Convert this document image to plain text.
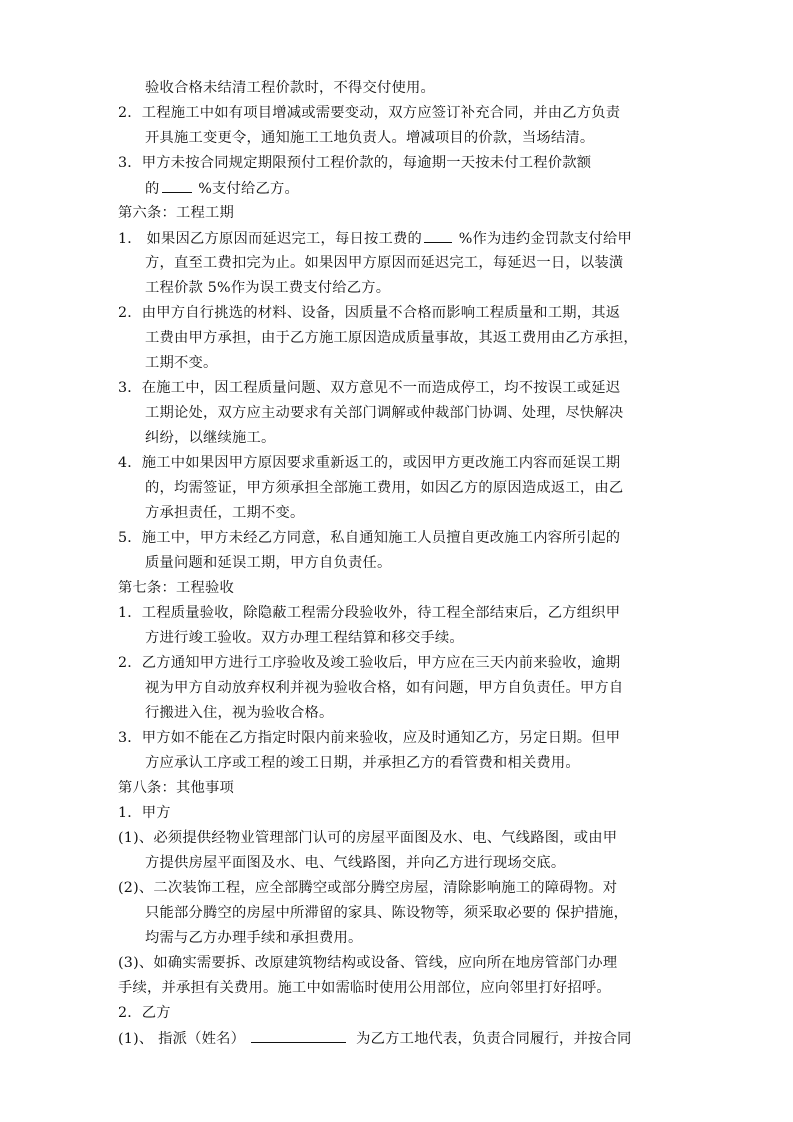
验收合格未结清工程价款时，不得交付使用。
2．工程施工中如有项目增减或需要变动，双方应签订补充合同，并由乙方负责
开具施工变更令，通知施工工地负责人。增减项目的价款，当场结清。
3．甲方未按合同规定期限预付工程价款的，每逾期一天按未付工程价款额
的	%支付给乙方。
第六条：工程工期
1． 如果因乙方原因而延迟完工，每日按工费的	%作为违约金罚款支付给甲
方，直至工费扣完为止。如果因甲方原因而延迟完工，每延迟一日，以装潢
工程价款 5%作为误工费支付给乙方。
2．由甲方自行挑选的材料、设备，因质量不合格而影响工程质量和工期，其返
工费由甲方承担，由于乙方施工原因造成质量事故，其返工费用由乙方承担，
工期不变。
3．在施工中，因工程质量问题、双方意见不一而造成停工，均不按误工或延迟
工期论处，双方应主动要求有关部门调解或仲裁部门协调、处理，尽快解决
纠纷，以继续施工。
4．施工中如果因甲方原因要求重新返工的，或因甲方更改施工内容而延误工期
的，均需签证，甲方须承担全部施工费用，如因乙方的原因造成返工，由乙
方承担责任，工期不变。
5．施工中，甲方未经乙方同意，私自通知施工人员擅自更改施工内容所引起的
质量问题和延误工期，甲方自负责任。
第七条：工程验收
1．工程质量验收，除隐蔽工程需分段验收外，待工程全部结束后，乙方组织甲
方进行竣工验收。双方办理工程结算和移交手续。
2．乙方通知甲方进行工序验收及竣工验收后，甲方应在三天内前来验收，逾期
视为甲方自动放弃权利并视为验收合格，如有问题，甲方自负责任。甲方自
行搬进入住，视为验收合格。
3．甲方如不能在乙方指定时限内前来验收，应及时通知乙方，另定日期。但甲
方应承认工序或工程的竣工日期，并承担乙方的看管费和相关费用。
第八条：其他事项
1．甲方
(1)、必须提供经物业管理部门认可的房屋平面图及水、电、气线路图，或由甲
方提供房屋平面图及水、电、气线路图，并向乙方进行现场交底。
(2)、二次装饰工程，应全部腾空或部分腾空房屋，清除影响施工的障碍物。对
只能部分腾空的房屋中所滞留的家具、陈设物等，须采取必要的 保护措施，
均需与乙方办理手续和承担费用。
(3)、如确实需要拆、改原建筑物结构或设备、管线，应向所在地房管部门办理
手续，并承担有关费用。施工中如需临时使用公用部位，应向邻里打好招呼。
2．乙方
(1)、 指派（姓名）	为乙方工地代表，负责合同履行，并按合同
